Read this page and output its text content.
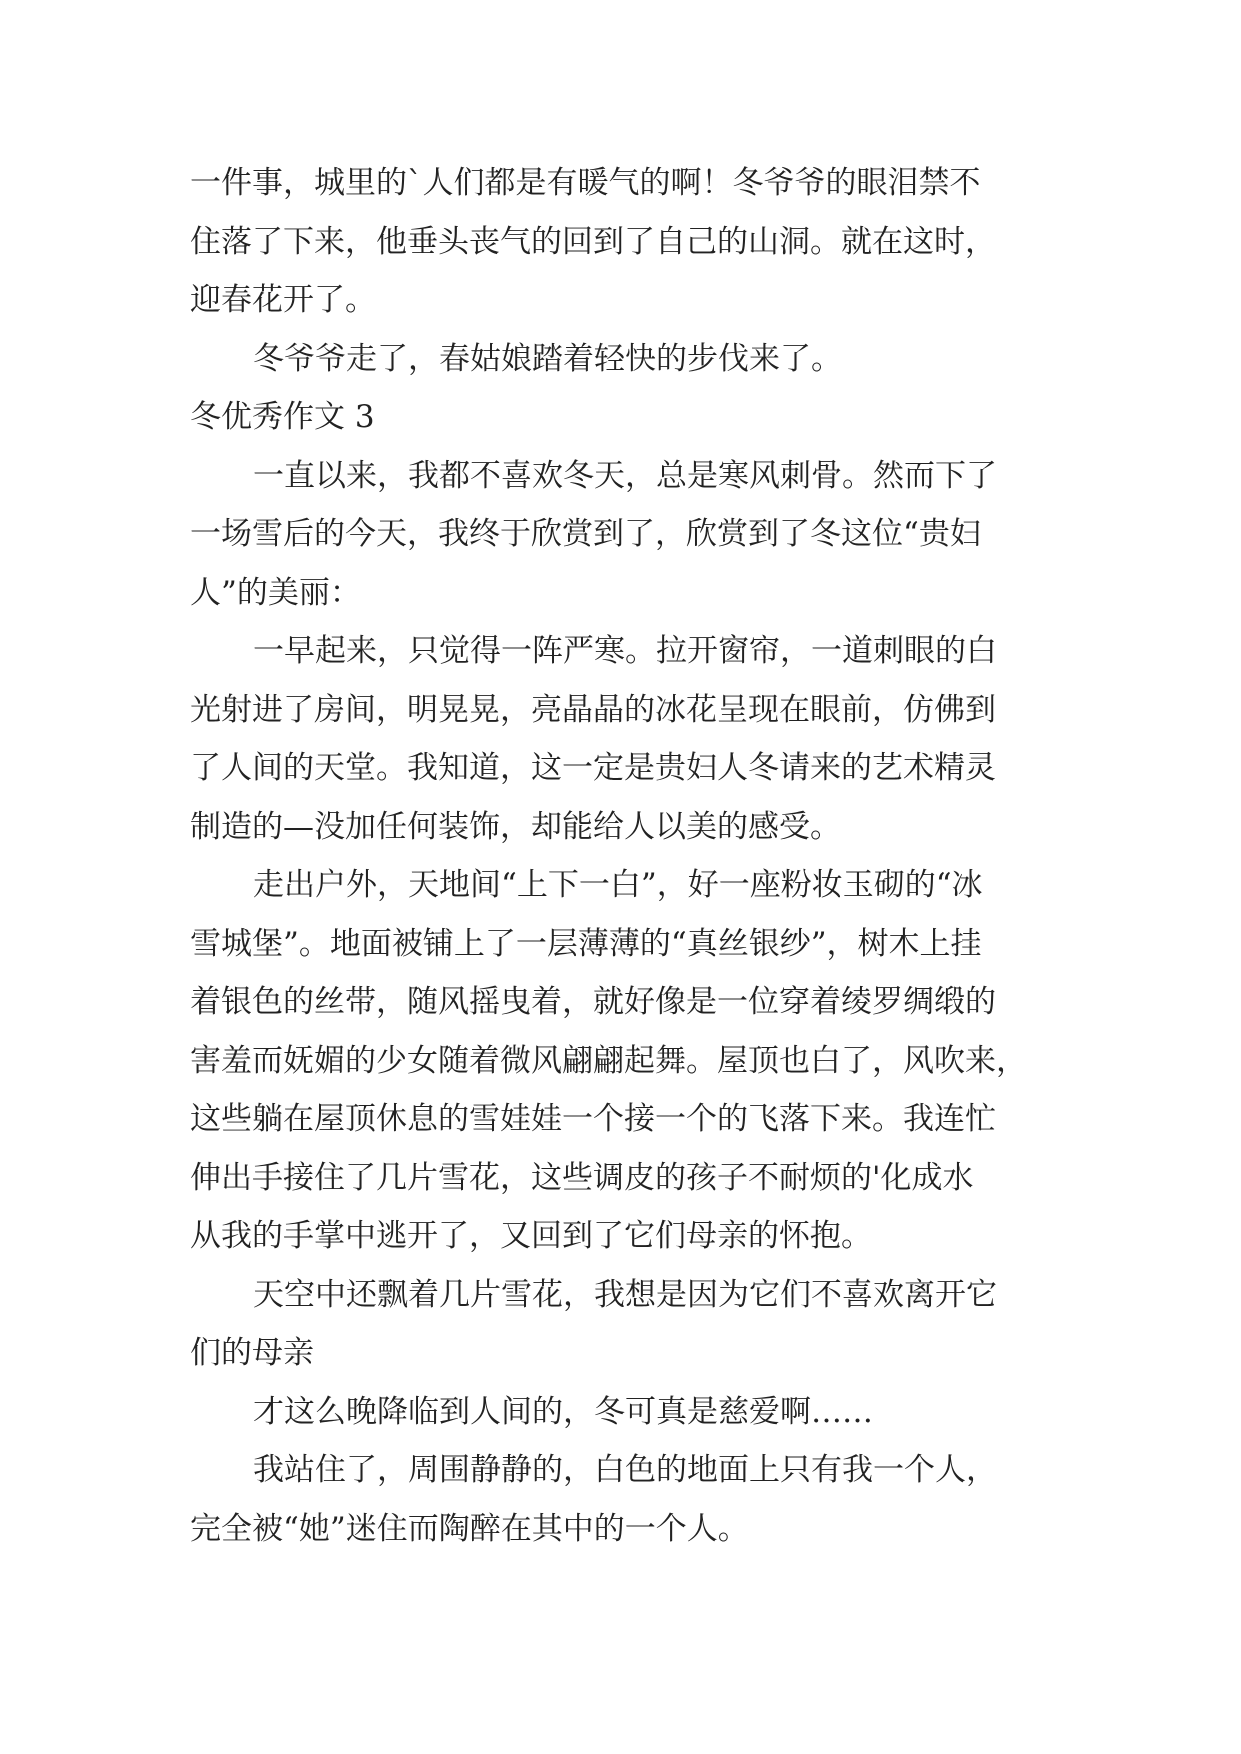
一件事，城里的`人们都是有暖气的啊！冬爷爷的眼泪禁不

住落了下来，他垂头丧气的回到了自己的山洞。就在这时，

迎春花开了。

冬爷爷走了，春姑娘踏着轻快的步伐来了。

冬优秀作文 3

一直以来，我都不喜欢冬天，总是寒风刺骨。然而下了

一场雪后的今天，我终于欣赏到了，欣赏到了冬这位“贵妇

人”的美丽：

一早起来，只觉得一阵严寒。拉开窗帘，一道刺眼的白

光射进了房间，明晃晃，亮晶晶的冰花呈现在眼前，仿佛到

了人间的天堂。我知道，这一定是贵妇人冬请来的艺术精灵

制造的—没加任何装饰，却能给人以美的感受。

走出户外，天地间“上下一白”，好一座粉妆玉砌的“冰

雪城堡”。地面被铺上了一层薄薄的“真丝银纱”，树木上挂

着银色的丝带，随风摇曳着，就好像是一位穿着绫罗绸缎的

害羞而妩媚的少女随着微风翩翩起舞。屋顶也白了，风吹来，

这些躺在屋顶休息的雪娃娃一个接一个的飞落下来。我连忙

伸出手接住了几片雪花，这些调皮的孩子不耐烦的'化成水

从我的手掌中逃开了，又回到了它们母亲的怀抱。

天空中还飘着几片雪花，我想是因为它们不喜欢离开它

们的母亲

才这么晚降临到人间的，冬可真是慈爱啊……

我站住了，周围静静的，白色的地面上只有我一个人，

完全被“她”迷住而陶醉在其中的一个人。
